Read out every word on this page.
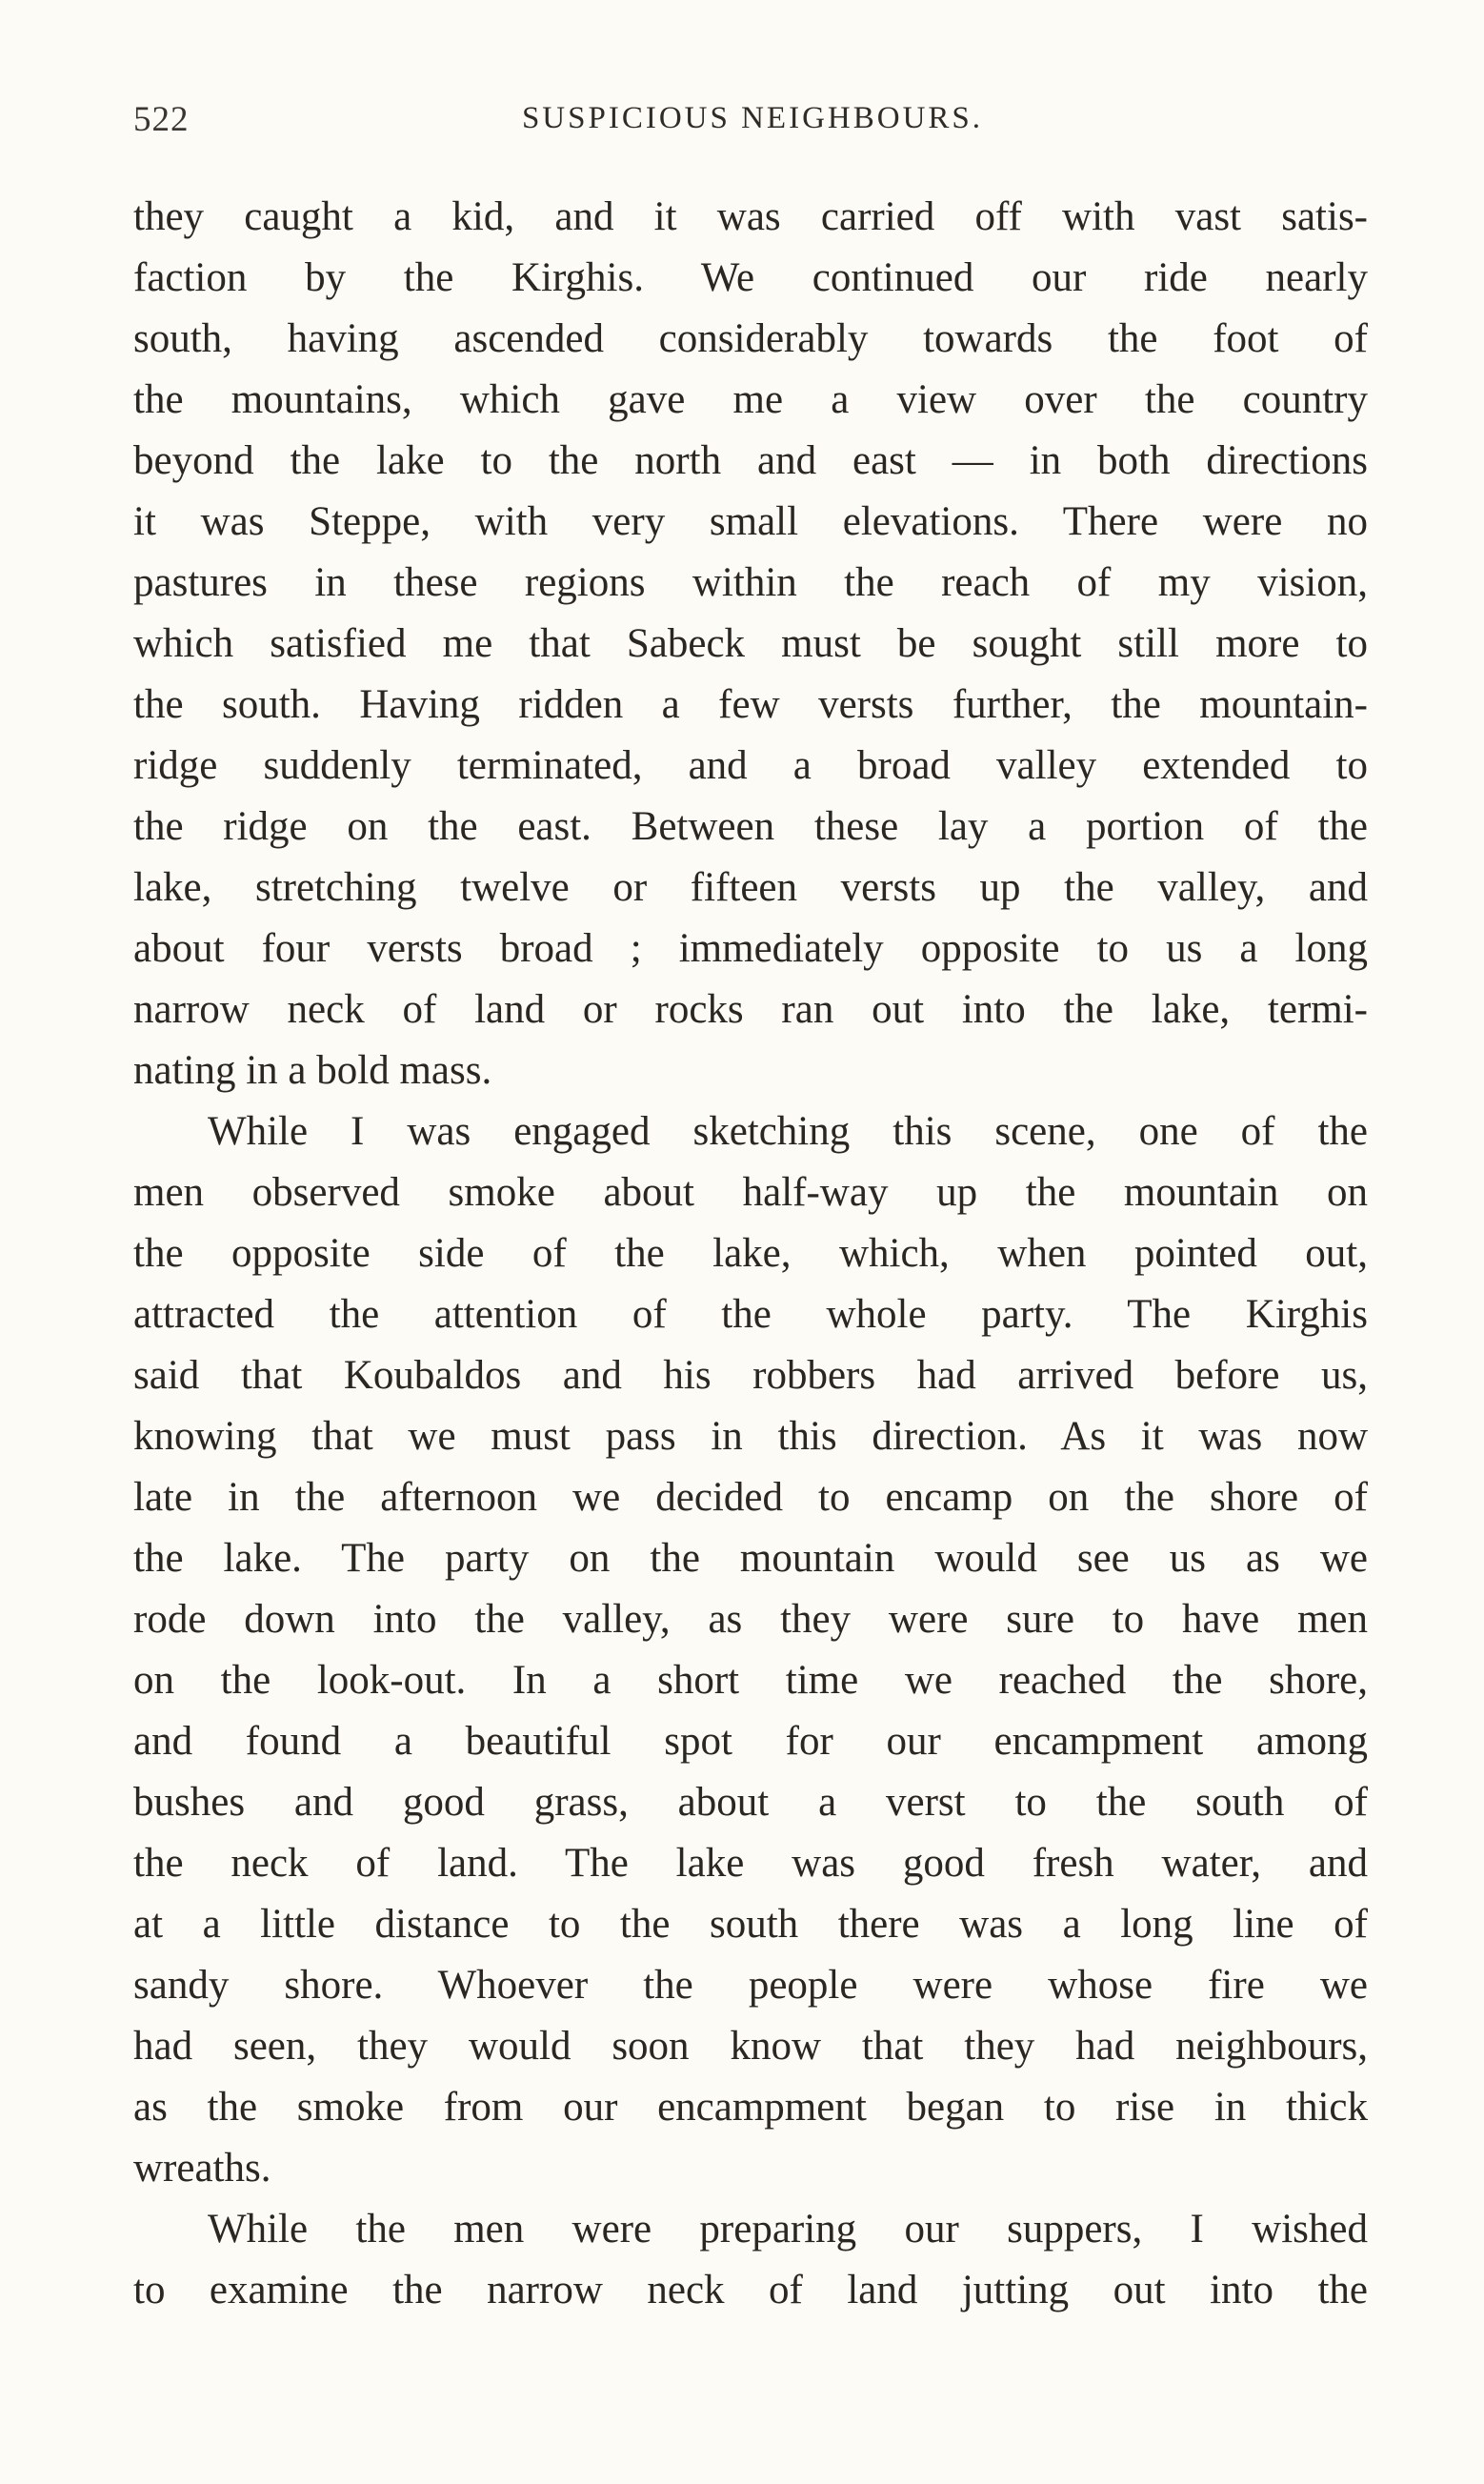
522	SUSPICIOUS NEIGHBOURS.
they caught a kid, and it was carried off with vast satis-
faction by the Kirghis. We continued our ride nearly
south, having ascended considerably towards the foot of
the mountains, which gave me a view over the country
beyond the lake to the north and east — in both directions
it was Steppe, with very small elevations. There were no
pastures in these regions within the reach of my vision,
which satisfied me that Sabeck must be sought still more to
the south. Having ridden a few versts further, the mountain-
ridge suddenly terminated, and a broad valley extended to
the ridge on the east. Between these lay a portion of the
lake, stretching twelve or fifteen versts up the valley, and
about four versts broad ; immediately opposite to us a long
narrow neck of land or rocks ran out into the lake, termi-
nating in a bold mass.
While I was engaged sketching this scene, one of the
men observed smoke about half-way up the mountain on
the opposite side of the lake, which, when pointed out,
attracted the attention of the whole party. The Kirghis
said that Koubaldos and his robbers had arrived before us,
knowing that we must pass in this direction. As it was now
late in the afternoon we decided to encamp on the shore of
the lake. The party on the mountain would see us as we
rode down into the valley, as they were sure to have men
on the look-out. In a short time we reached the shore,
and found a beautiful spot for our encampment among
bushes and good grass, about a verst to the south of
the neck of land. The lake was good fresh water, and
at a little distance to the south there was a long line of
sandy shore. Whoever the people were whose fire we
had seen, they would soon know that they had neighbours,
as the smoke from our encampment began to rise in thick
wreaths.
While the men were preparing our suppers, I wished
to examine the narrow neck of land jutting out into the
